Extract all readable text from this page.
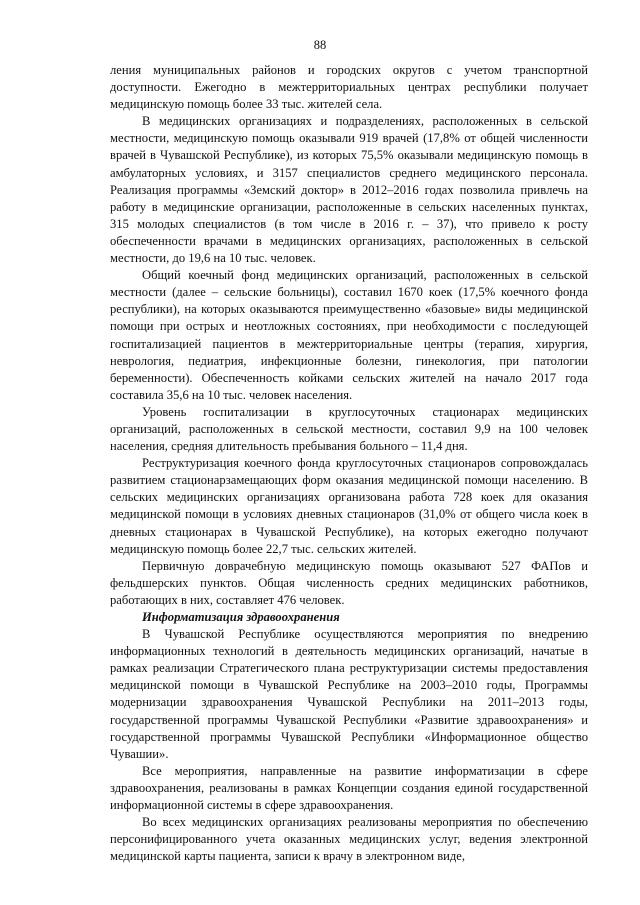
88

ления муниципальных районов и городских округов с учетом транспортной доступности. Ежегодно в межтерриториальных центрах республики получает медицинскую помощь более 33 тыс. жителей села.

В медицинских организациях и подразделениях, расположенных в сельской местности, медицинскую помощь оказывали 919 врачей (17,8% от общей численности врачей в Чувашской Республике), из которых 75,5% оказывали медицинскую помощь в амбулаторных условиях, и 3157 специалистов среднего медицинского персонала. Реализация программы «Земский доктор» в 2012–2016 годах позволила привлечь на работу в медицинские организации, расположенные в сельских населенных пунктах, 315 молодых специалистов (в том числе в 2016 г. – 37), что привело к росту обеспеченности врачами в медицинских организациях, расположенных в сельской местности, до 19,6 на 10 тыс. человек.

Общий коечный фонд медицинских организаций, расположенных в сельской местности (далее – сельские больницы), составил 1670 коек (17,5% коечного фонда республики), на которых оказываются преимущественно «базовые» виды медицинской помощи при острых и неотложных состояниях, при необходимости с последующей госпитализацией пациентов в межтерриториальные центры (терапия, хирургия, неврология, педиатрия, инфекционные болезни, гинекология, при патологии беременности). Обеспеченность койками сельских жителей на начало 2017 года составила 35,6 на 10 тыс. человек населения.

Уровень госпитализации в круглосуточных стационарах медицинских организаций, расположенных в сельской местности, составил 9,9 на 100 человек населения, средняя длительность пребывания больного – 11,4 дня.

Реструктуризация коечного фонда круглосуточных стационаров сопровождалась развитием стационарзамещающих форм оказания медицинской помощи населению. В сельских медицинских организациях организована работа 728 коек для оказания медицинской помощи в условиях дневных стационаров (31,0% от общего числа коек в дневных стационарах в Чувашской Республике), на которых ежегодно получают медицинскую помощь более 22,7 тыс. сельских жителей.

Первичную доврачебную медицинскую помощь оказывают 527 ФАПов и фельдшерских пунктов. Общая численность средних медицинских работников, работающих в них, составляет 476 человек.

Информатизация здравоохранения

В Чувашской Республике осуществляются мероприятия по внедрению информационных технологий в деятельность медицинских организаций, начатые в рамках реализации Стратегического плана реструктуризации системы предоставления медицинской помощи в Чувашской Республике на 2003–2010 годы, Программы модернизации здравоохранения Чувашской Республики на 2011–2013 годы, государственной программы Чувашской Республики «Развитие здравоохранения» и государственной программы Чувашской Республики «Информационное общество Чувашии».

Все мероприятия, направленные на развитие информатизации в сфере здравоохранения, реализованы в рамках Концепции создания единой государственной информационной системы в сфере здравоохранения.

Во всех медицинских организациях реализованы мероприятия по обеспечению персонифицированного учета оказанных медицинских услуг, ведения электронной медицинской карты пациента, записи к врачу в электронном виде,
